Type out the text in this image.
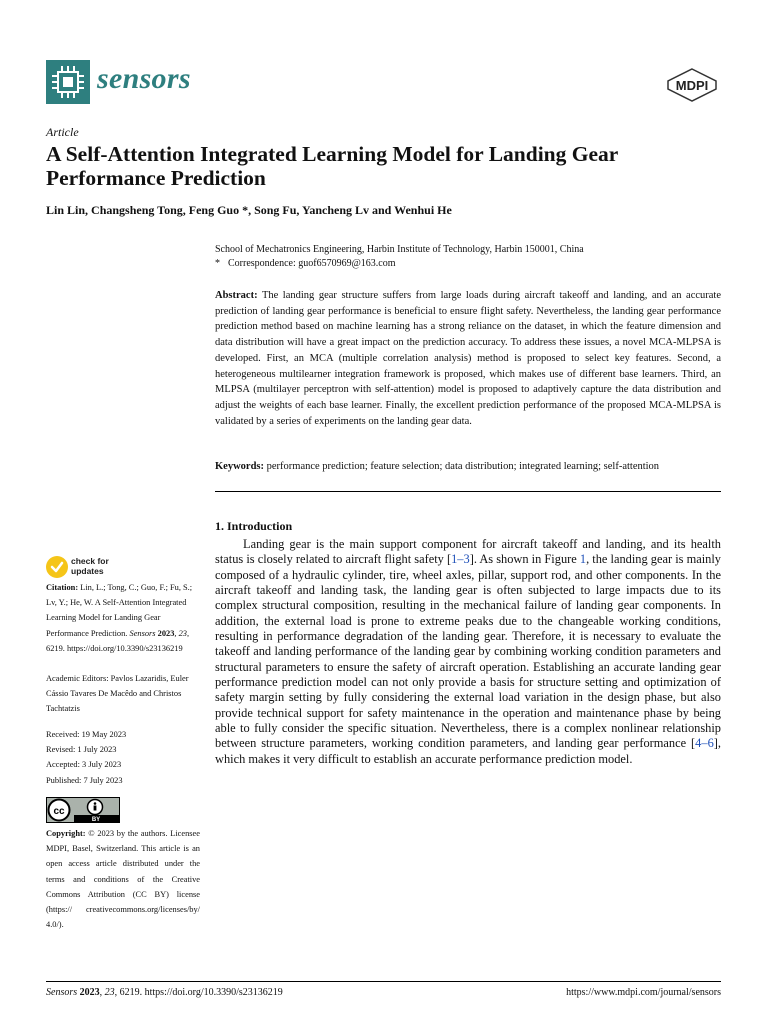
sensors	MDPI
Article
A Self-Attention Integrated Learning Model for Landing Gear Performance Prediction
Lin Lin, Changsheng Tong, Feng Guo *, Song Fu, Yancheng Lv and Wenhui He
School of Mechatronics Engineering, Harbin Institute of Technology, Harbin 150001, China
* Correspondence: guof6570969@163.com
Abstract: The landing gear structure suffers from large loads during aircraft takeoff and landing, and an accurate prediction of landing gear performance is beneficial to ensure flight safety. Nevertheless, the landing gear performance prediction method based on machine learning has a strong reliance on the dataset, in which the feature dimension and data distribution will have a great impact on the prediction accuracy. To address these issues, a novel MCA-MLPSA is developed. First, an MCA (multiple correlation analysis) method is proposed to select key features. Second, a heterogeneous multilearner integration framework is proposed, which makes use of different base learners. Third, an MLPSA (multilayer perceptron with self-attention) model is proposed to adaptively capture the data distribution and adjust the weights of each base learner. Finally, the excellent prediction performance of the proposed MCA-MLPSA is validated by a series of experiments on the landing gear data.
Keywords: performance prediction; feature selection; data distribution; integrated learning; self-attention
1. Introduction
Landing gear is the main support component for aircraft takeoff and landing, and its health status is closely related to aircraft flight safety [1–3]. As shown in Figure 1, the landing gear is mainly composed of a hydraulic cylinder, tire, wheel axles, pillar, support rod, and other components. In the aircraft takeoff and landing task, the landing gear is often subjected to large impacts due to its complex structural composition, resulting in the mechanical failure of landing gear components. In addition, the external load is prone to extreme peaks due to the changeable working conditions, resulting in performance degradation of the landing gear. Therefore, it is necessary to evaluate the takeoff and landing performance of the landing gear by combining working condition parameters and structural parameters to ensure the safety of aircraft operation. Establishing an accurate landing gear performance prediction model can not only provide a basis for structure setting and optimization of safety margin setting by fully considering the external load variation in the design phase, but also provide technical support for safety maintenance in the operation and maintenance phase by being able to fully consider the specific situation. Nevertheless, there is a complex nonlinear relationship between structure parameters, working condition parameters, and landing gear performance [4–6], which makes it very difficult to establish an accurate performance prediction model.
check for
updates
Citation: Lin, L.; Tong, C.; Guo, F.; Fu, S.; Lv, Y.; He, W. A Self-Attention Integrated Learning Model for Landing Gear Performance Prediction. Sensors 2023, 23, 6219. https://doi.org/10.3390/s23136219
Academic Editors: Pavlos Lazaridis, Euler Cássio Tavares De Macêdo and Christos Tachtatzis
Received: 19 May 2023
Revised: 1 July 2023
Accepted: 3 July 2023
Published: 7 July 2023
cc
BY
Copyright: © 2023 by the authors. Licensee MDPI, Basel, Switzerland. This article is an open access article distributed under the terms and conditions of the Creative Commons Attribution (CC BY) license (https:// creativecommons.org/licenses/by/ 4.0/).
Sensors 2023, 23, 6219. https://doi.org/10.3390/s23136219	https://www.mdpi.com/journal/sensors
